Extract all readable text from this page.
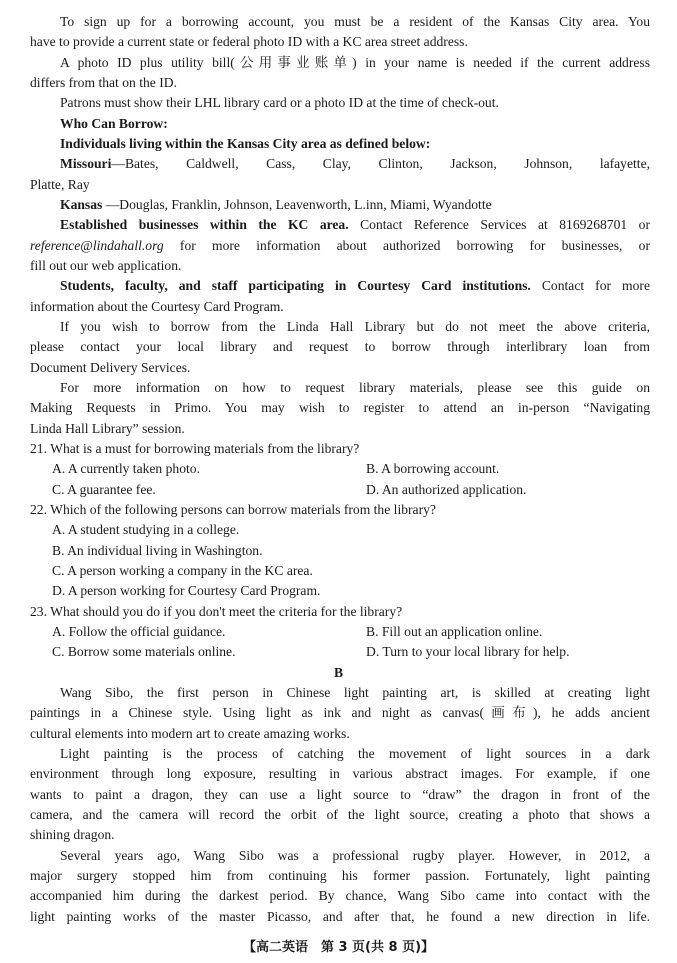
To sign up for a borrowing account, you must be a resident of the Kansas City area. You
have to provide a current state or federal photo ID with a KC area street address.
A photo ID plus utility bill(公用事业账单) in your name is needed if the current address
differs from that on the ID.
Patrons must show their LHL library card or a photo ID at the time of check-out.
Who Can Borrow:
Individuals living within the Kansas City area as defined below:
Missouri—Bates, Caldwell, Cass, Clay, Clinton, Jackson, Johnson, lafayette,
Platte, Ray
Kansas —Douglas, Franklin, Johnson, Leavenworth, L.inn, Miami, Wyandotte
Established businesses within the KC area. Contact Reference Services at 8169268701 or
reference@lindahall.org for more information about authorized borrowing for businesses, or
fill out our web application.
Students, faculty, and staff participating in Courtesy Card institutions. Contact for more
information about the Courtesy Card Program.
If you wish to borrow from the Linda Hall Library but do not meet the above criteria,
please contact your local library and request to borrow through interlibrary loan from
Document Delivery Services.
For more information on how to request library materials, please see this guide on
Making Requests in Primo. You may wish to register to attend an in-person “Navigating
Linda Hall Library” session.
21. What is a must for borrowing materials from the library?
A. A currently taken photo.	B. A borrowing account.
C. A guarantee fee.	D. An authorized application.
22. Which of the following persons can borrow materials from the library?
A. A student studying in a college.
B. An individual living in Washington.
C. A person working a company in the KC area.
D. A person working for Courtesy Card Program.
23. What should you do if you don't meet the criteria for the library?
A. Follow the official guidance.	B. Fill out an application online.
C. Borrow some materials online.	D. Turn to your local library for help.
B
Wang Sibo, the first person in Chinese light painting art, is skilled at creating light
paintings in a Chinese style. Using light as ink and night as canvas(画布), he adds ancient
cultural elements into modern art to create amazing works.
Light painting is the process of catching the movement of light sources in a dark
environment through long exposure, resulting in various abstract images. For example, if one
wants to paint a dragon, they can use a light source to “draw” the dragon in front of the
camera, and the camera will record the orbit of the light source, creating a photo that shows a
shining dragon.
Several years ago, Wang Sibo was a professional rugby player. However, in 2012, a
major surgery stopped him from continuing his former passion. Fortunately, light painting
accompanied him during the darkest period. By chance, Wang Sibo came into contact with the
light painting works of the master Picasso, and after that, he found a new direction in life.
【高二英语　第 3 页(共 8 页)】
